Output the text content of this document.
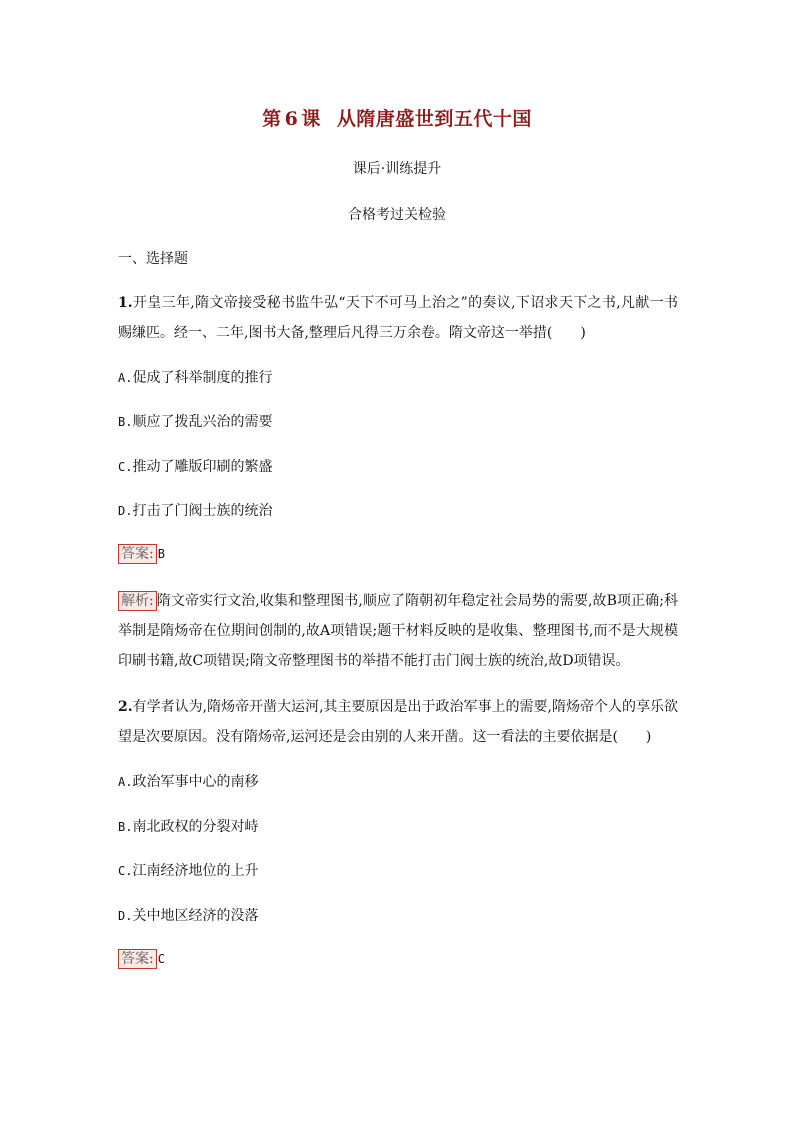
第 6 课 从隋唐盛世到五代十国
课后·训练提升
合格考过关检验
一、选择题
1.开皇三年,隋文帝接受秘书监牛弘“天下不可马上治之”的奏议,下诏求天下之书,凡献一书赐缣匹。经一、二年,图书大备,整理后凡得三万余卷。隋文帝这一举措(　　)
A.促成了科举制度的推行
B.顺应了拨乱兴治的需要
C.推动了雕版印刷的繁盛
D.打击了门阀士族的统治
答案: B
解析: 隋文帝实行文治,收集和整理图书,顺应了隋朝初年稳定社会局势的需要,故B项正确;科举制是隋炀帝在位期间创制的,故A项错误;题干材料反映的是收集、整理图书,而不是大规模印刷书籍,故C项错误;隋文帝整理图书的举措不能打击门阀士族的统治,故D项错误。
2.有学者认为,隋炀帝开凿大运河,其主要原因是出于政治军事上的需要,隋炀帝个人的享乐欲望是次要原因。没有隋炀帝,运河还是会由别的人来开凿。这一看法的主要依据是(　　)
A.政治军事中心的南移
B.南北政权的分裂对峙
C.江南经济地位的上升
D.关中地区经济的没落
答案: C
